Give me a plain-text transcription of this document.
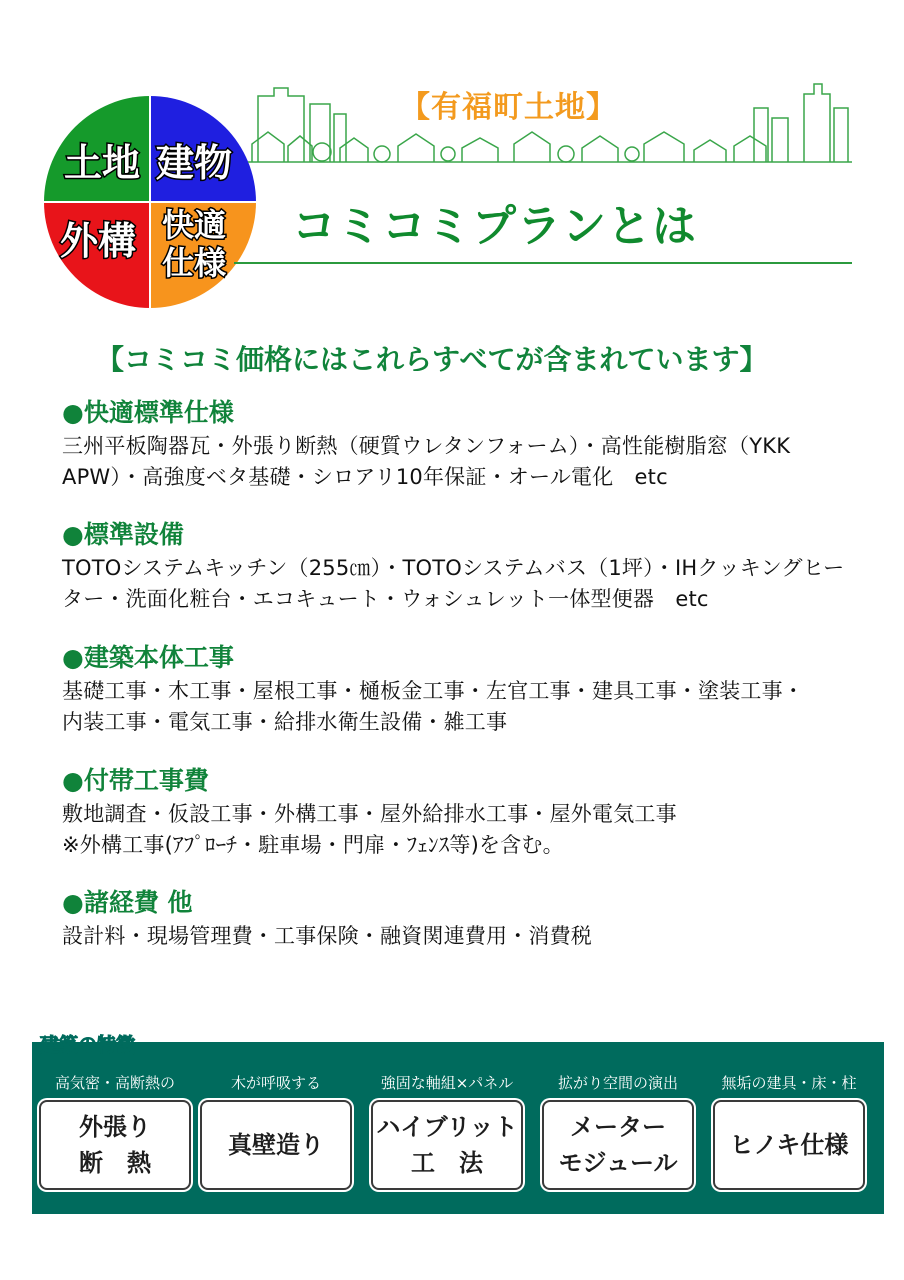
土地 建物
外構 快適
仕様
【有福町土地】
コミコミプランとは
【コミコミ価格にはこれらすべてが含まれています】
●快適標準仕様
三州平板陶器瓦・外張り断熱（硬質ウレタンフォーム）・高性能樹脂窓（YKK
APW）・高強度ベタ基礎・シロアリ10年保証・オール電化　etc
●標準設備
TOTOシステムキッチン（255㎝）・TOTOシステムバス（1坪）・IHクッキングヒー
ター・洗面化粧台・エコキュート・ウォシュレット一体型便器　etc
●建築本体工事
基礎工事・木工事・屋根工事・樋板金工事・左官工事・建具工事・塗装工事・
内装工事・電気工事・給排水衛生設備・雑工事
●付帯工事費
敷地調査・仮設工事・外構工事・屋外給排水工事・屋外電気工事
※外構工事(ｱﾌﾟﾛｰﾁ・駐車場・門扉・ﾌｪﾝｽ等)を含む。
●諸経費 他
設計料・現場管理費・工事保険・融資関連費用・消費税
建築の特徴
高気密・高断熱の
外張り
断　熱
木が呼吸する
真壁造り
強固な軸組×パネル
ハイブリット
工　法
拡がり空間の演出
メーター
モジュール
無垢の建具・床・柱
ヒノキ仕様
